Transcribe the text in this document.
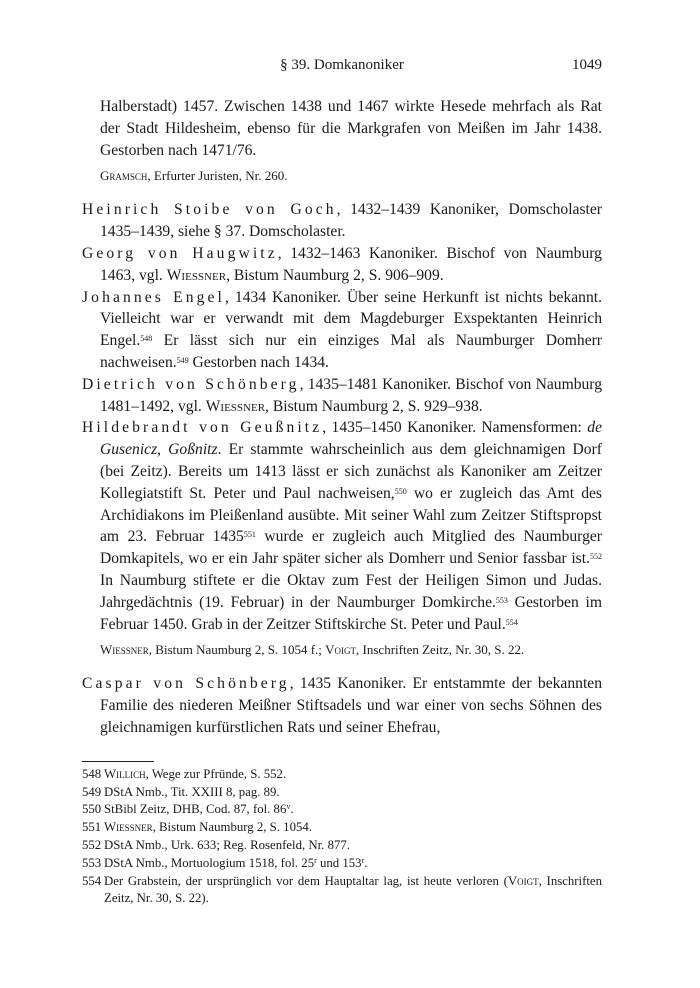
§ 39. Domkanoniker	1049

Halberstadt) 1457. Zwischen 1438 und 1467 wirkte Hesede mehrfach als Rat der Stadt Hildesheim, ebenso für die Markgrafen von Meißen im Jahr 1438. Gestorben nach 1471/76.

Gramsch, Erfurter Juristen, Nr. 260.

Heinrich Stoibe von Goch, 1432–1439 Kanoniker, Domscholaster 1435–1439, siehe § 37. Domscholaster.

Georg von Haugwitz, 1432–1463 Kanoniker. Bischof von Naumburg 1463, vgl. Wiessner, Bistum Naumburg 2, S. 906–909.

Johannes Engel, 1434 Kanoniker. Über seine Herkunft ist nichts bekannt. Vielleicht war er verwandt mit dem Magdeburger Exspektanten Heinrich Engel.$^{548}$ Er lässt sich nur ein einziges Mal als Naumburger Domherr nachweisen.$^{549}$ Gestorben nach 1434.

Dietrich von Schönberg, 1435–1481 Kanoniker. Bischof von Naumburg 1481–1492, vgl. Wiessner, Bistum Naumburg 2, S. 929–938.

Hildebrandt von Geußnitz, 1435–1450 Kanoniker. Namensformen: de Gusenicz, Goßnitz. Er stammte wahrscheinlich aus dem gleichnamigen Dorf (bei Zeitz). Bereits um 1413 lässt er sich zunächst als Kanoniker am Zeitzer Kollegiatstift St. Peter und Paul nachweisen,$^{550}$ wo er zugleich das Amt des Archidiakons im Pleißenland ausübte. Mit seiner Wahl zum Zeitzer Stiftspropst am 23. Februar 1435$^{551}$ wurde er zugleich auch Mitglied des Naumburger Domkapitels, wo er ein Jahr später sicher als Domherr und Senior fassbar ist.$^{552}$ In Naumburg stiftete er die Oktav zum Fest der Heiligen Simon und Judas. Jahrgedächtnis (19. Februar) in der Naumburger Domkirche.$^{553}$ Gestorben im Februar 1450. Grab in der Zeitzer Stiftskirche St. Peter und Paul.$^{554}$

Wiessner, Bistum Naumburg 2, S. 1054 f.; Voigt, Inschriften Zeitz, Nr. 30, S. 22.

Caspar von Schönberg, 1435 Kanoniker. Er entstammte der bekannten Familie des niederen Meißner Stiftsadels und war einer von sechs Söhnen des gleichnamigen kurfürstlichen Rats und seiner Ehefrau,

548 Willich, Wege zur Pfründe, S. 552.
549 DStA Nmb., Tit. XXIII 8, pag. 89.
550 StBibl Zeitz, DHB, Cod. 87, fol. 86$^v$.
551 Wiessner, Bistum Naumburg 2, S. 1054.
552 DStA Nmb., Urk. 633; Reg. Rosenfeld, Nr. 877.
553 DStA Nmb., Mortuologium 1518, fol. 25$^r$ und 153$^r$.
554 Der Grabstein, der ursprünglich vor dem Hauptaltar lag, ist heute verloren (Voigt, Inschriften Zeitz, Nr. 30, S. 22).
